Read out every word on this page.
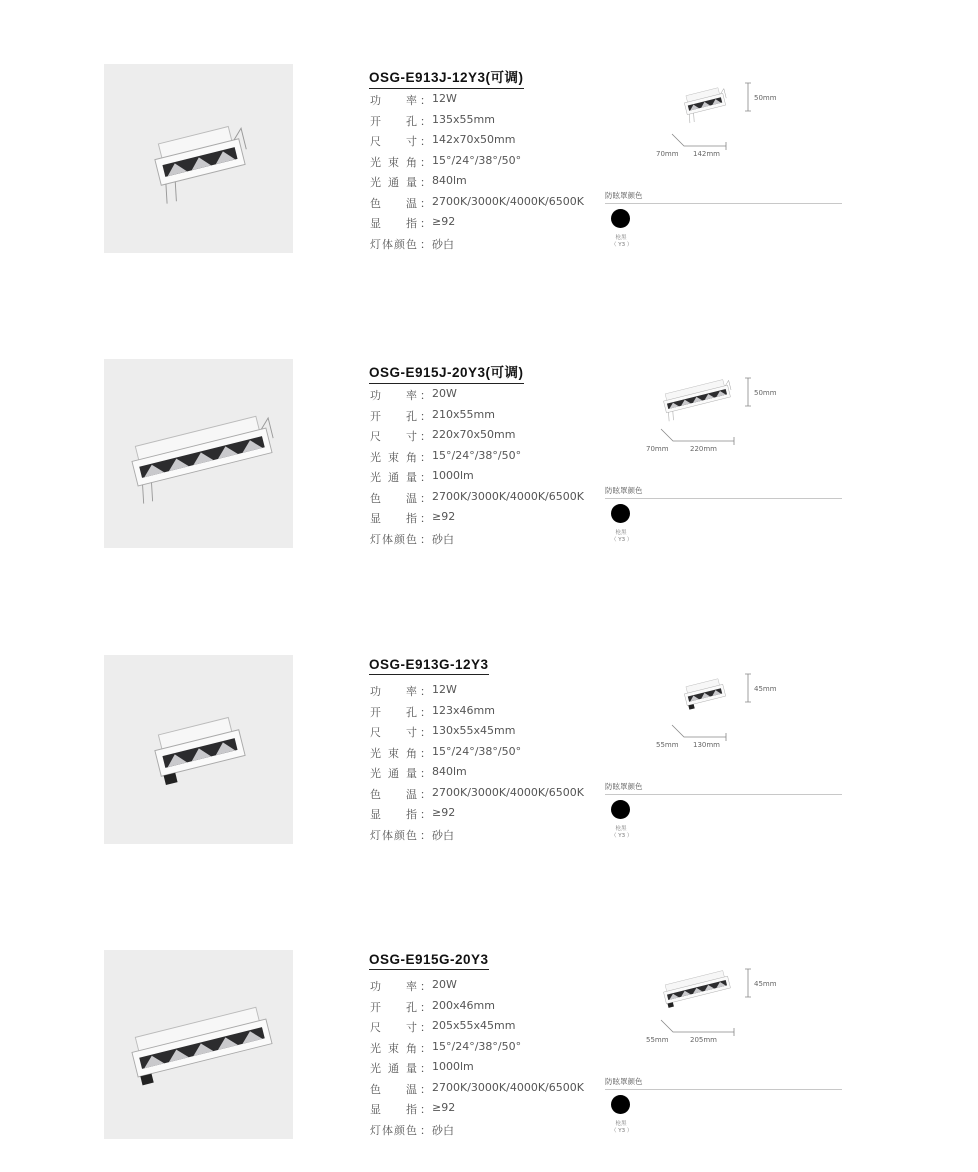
OSG-E913J-12Y3(可调)
功 率 ： 12W
开 孔 ： 135x55mm
尺 寸 ： 142x70x50mm
光 束 角 ： 15°/24°/38°/50°
光 通 量 ： 840lm
色 温 ： 2700K/3000K/4000K/6500K
显 指 ： ≥92
灯 体 颜 色 ： 砂白
50mm
70mm 142mm
防眩罩颜色
枪黑
（ Y3 ）
OSG-E915J-20Y3(可调)
功 率 ： 20W
开 孔 ： 210x55mm
尺 寸 ： 220x70x50mm
光 束 角 ： 15°/24°/38°/50°
光 通 量 ： 1000lm
色 温 ： 2700K/3000K/4000K/6500K
显 指 ： ≥92
灯 体 颜 色 ： 砂白
50mm
70mm	220mm
防眩罩颜色
枪黑
（ Y3 ）
OSG-E913G-12Y3
功 率 ： 12W
开 孔 ： 123x46mm
尺 寸 ： 130x55x45mm
光 束 角 ： 15°/24°/38°/50°
光 通 量 ： 840lm
色 温 ： 2700K/3000K/4000K/6500K
显 指 ： ≥92
灯 体 颜 色 ： 砂白
45mm
55mm 130mm
防眩罩颜色
枪黑
（ Y3 ）
OSG-E915G-20Y3
功 率 ： 20W
开 孔 ： 200x46mm
尺 寸 ： 205x55x45mm
光 束 角 ： 15°/24°/38°/50°
光 通 量 ： 1000lm
色 温 ： 2700K/3000K/4000K/6500K
显 指 ： ≥92
灯 体 颜 色 ： 砂白
45mm
55mm	205mm
防眩罩颜色
枪黑
（ Y3 ）
